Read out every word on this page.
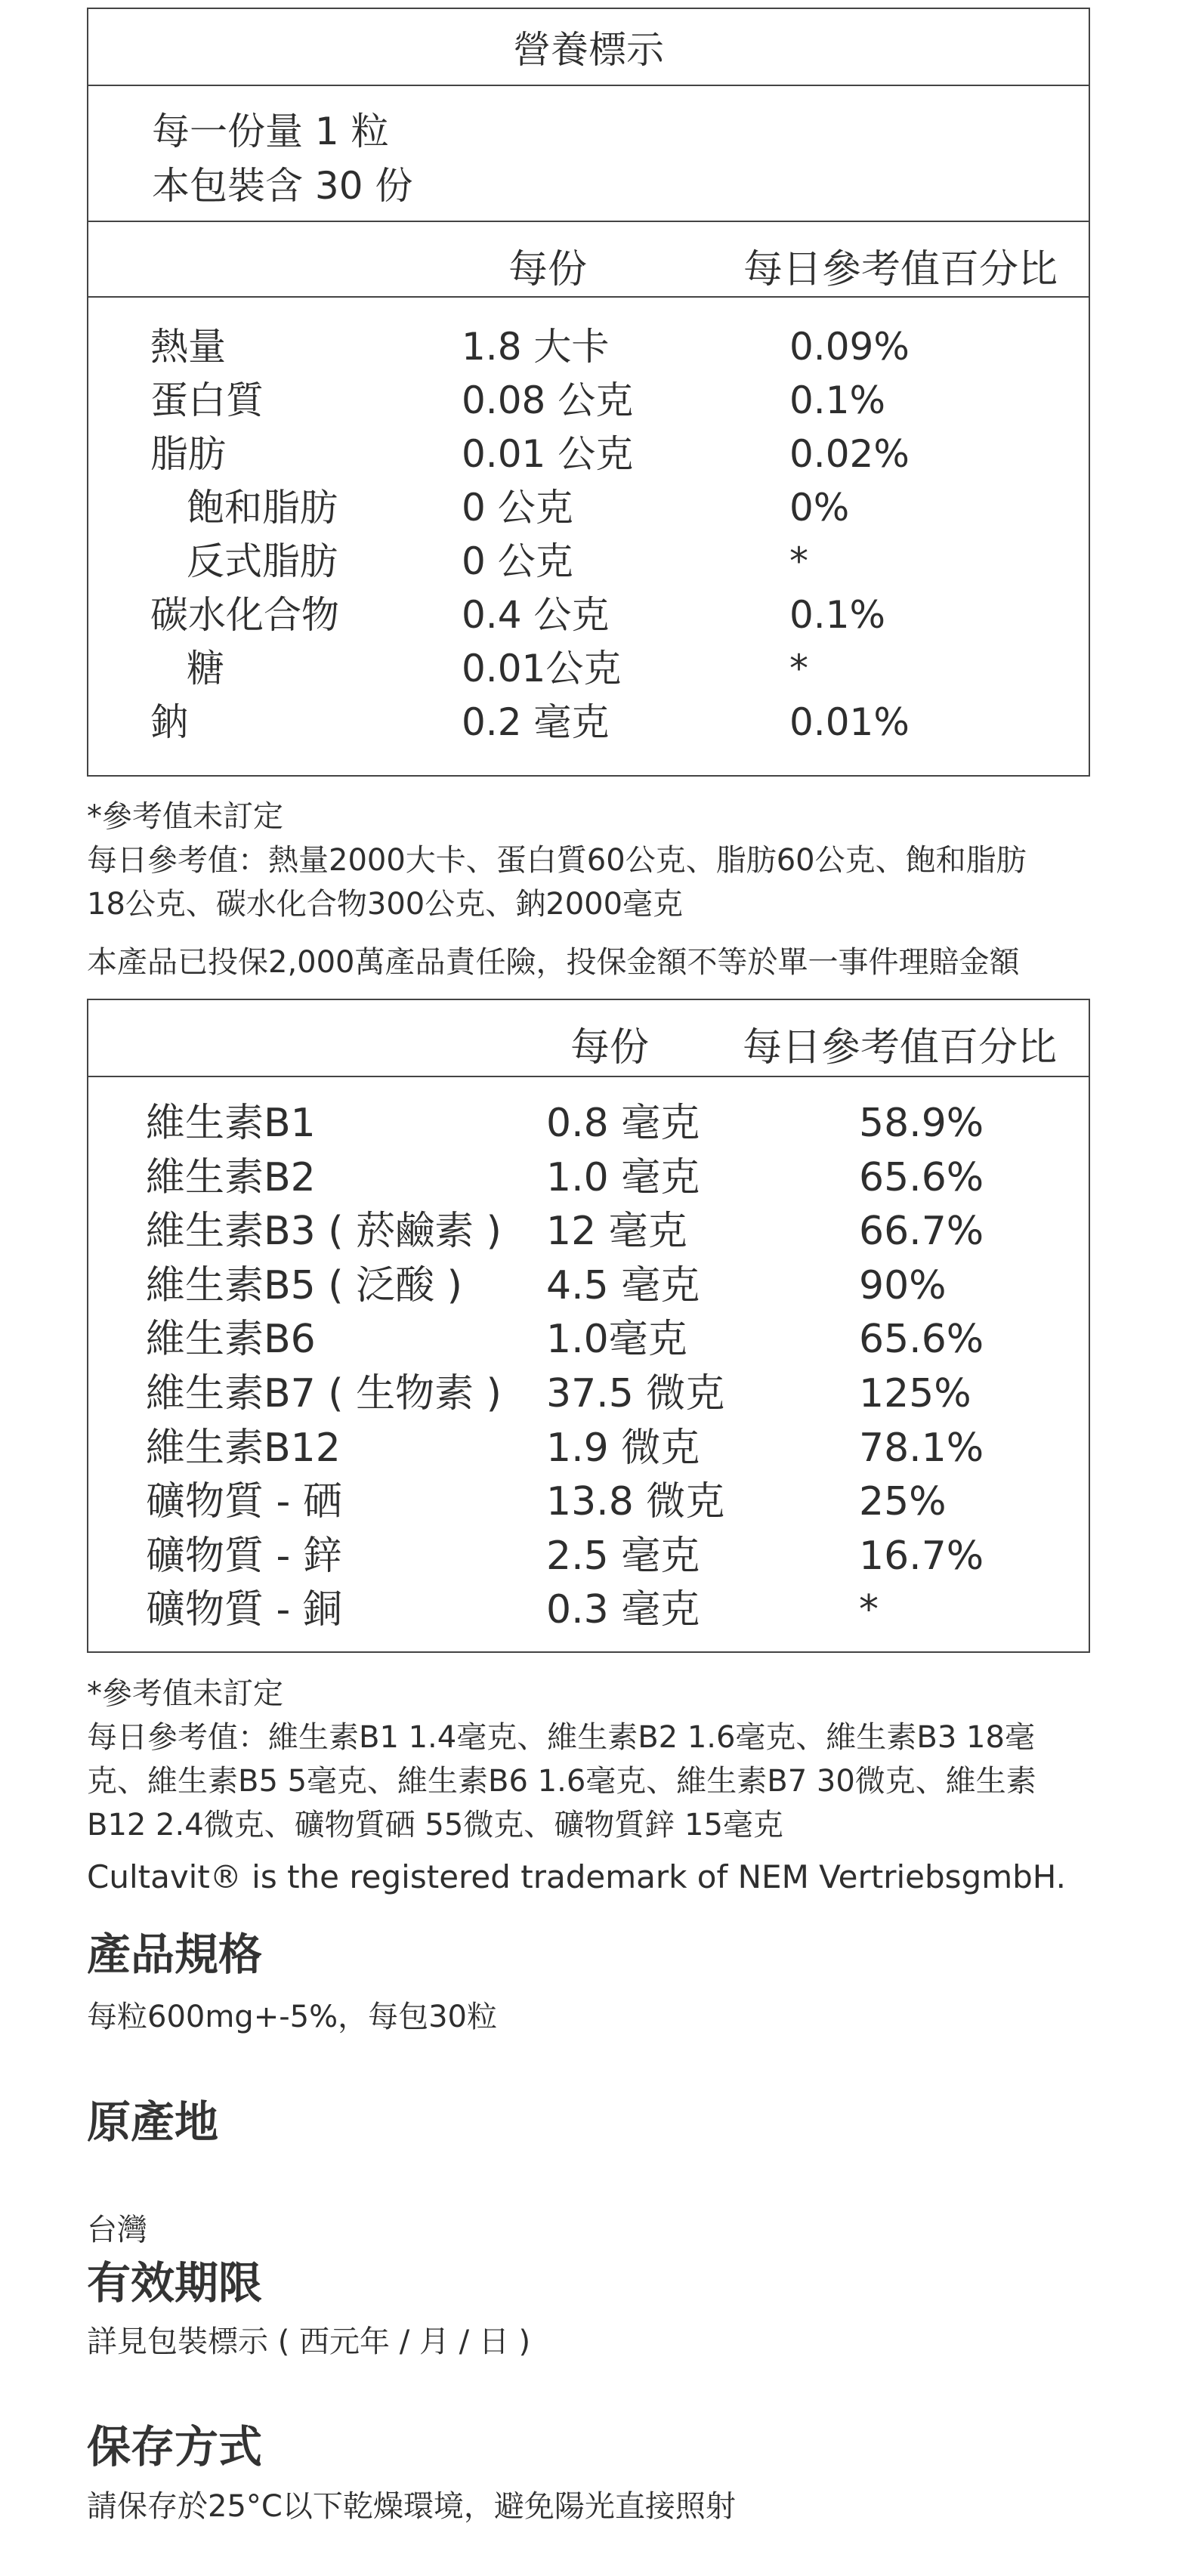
營養標示
每一份量 1 粒
本包裝含 30 份
每份	每日參考值百分比
熱量	1.8 大卡	0.09%
蛋白質	0.08 公克	0.1%
脂肪	0.01 公克	0.02%
飽和脂肪	0 公克	0%
反式脂肪	0 公克	*
碳水化合物	0.4 公克	0.1%
糖	0.01公克	*
鈉	0.2 毫克	0.01%
*參考值未訂定
每日參考值：熱量2000大卡、蛋白質60公克、脂肪60公克、飽和脂肪
18公克、碳水化合物300公克、鈉2000毫克
本產品已投保2,000萬產品責任險，投保金額不等於單一事件理賠金額
每份 每日參考值百分比
維生素B1	0.8 毫克	58.9%
維生素B2	1.0 毫克	65.6%
維生素B3 ( 菸鹼素 ) 12 毫克	66.7%
維生素B5 ( 泛酸 ) 4.5 毫克	90%
維生素B6	1.0毫克	65.6%
維生素B7 ( 生物素 ) 37.5 微克	125%
維生素B12	1.9 微克	78.1%
礦物質 - 硒	13.8 微克	25%
礦物質 - 鋅	2.5 毫克	16.7%
礦物質 - 銅	0.3 毫克	*
*參考值未訂定
每日參考值：維生素B1 1.4毫克、維生素B2 1.6毫克、維生素B3 18毫
克、維生素B5 5毫克、維生素B6 1.6毫克、維生素B7 30微克、維生素
B12 2.4微克、礦物質硒 55微克、礦物質鋅 15毫克
Cultavit® is the registered trademark of NEM VertriebsgmbH.
產品規格
每粒600mg+-5%，每包30粒
原產地
台灣
有效期限
詳見包裝標示 ( 西元年 / 月 / 日 )
保存方式
請保存於25°C以下乾燥環境，避免陽光直接照射
